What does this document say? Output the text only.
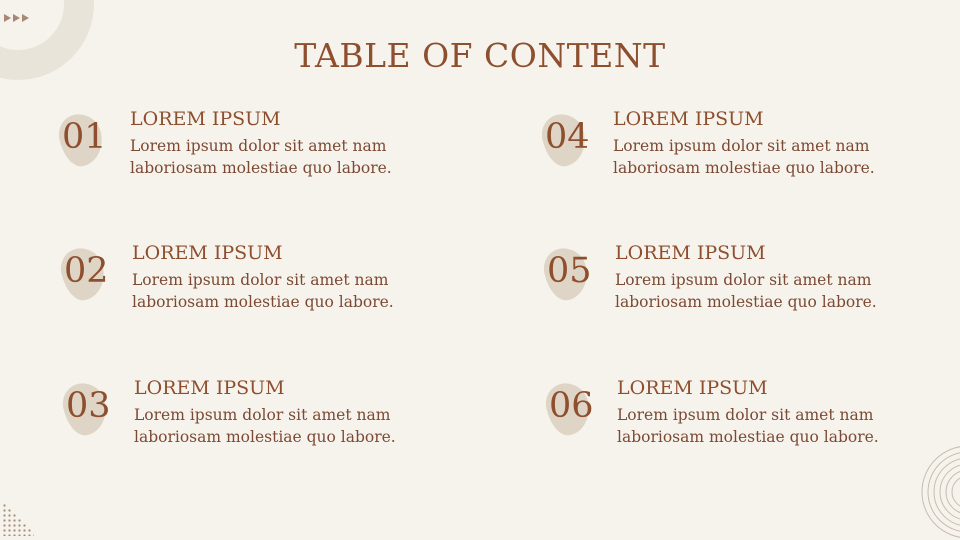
TABLE OF CONTENT
01 LOREM IPSUM
Lorem ipsum dolor sit amet nam laboriosam molestiae quo labore.
02 LOREM IPSUM
Lorem ipsum dolor sit amet nam laboriosam molestiae quo labore.
03 LOREM IPSUM
Lorem ipsum dolor sit amet nam laboriosam molestiae quo labore.
04 LOREM IPSUM
Lorem ipsum dolor sit amet nam laboriosam molestiae quo labore.
05 LOREM IPSUM
Lorem ipsum dolor sit amet nam laboriosam molestiae quo labore.
06 LOREM IPSUM
Lorem ipsum dolor sit amet nam laboriosam molestiae quo labore.
